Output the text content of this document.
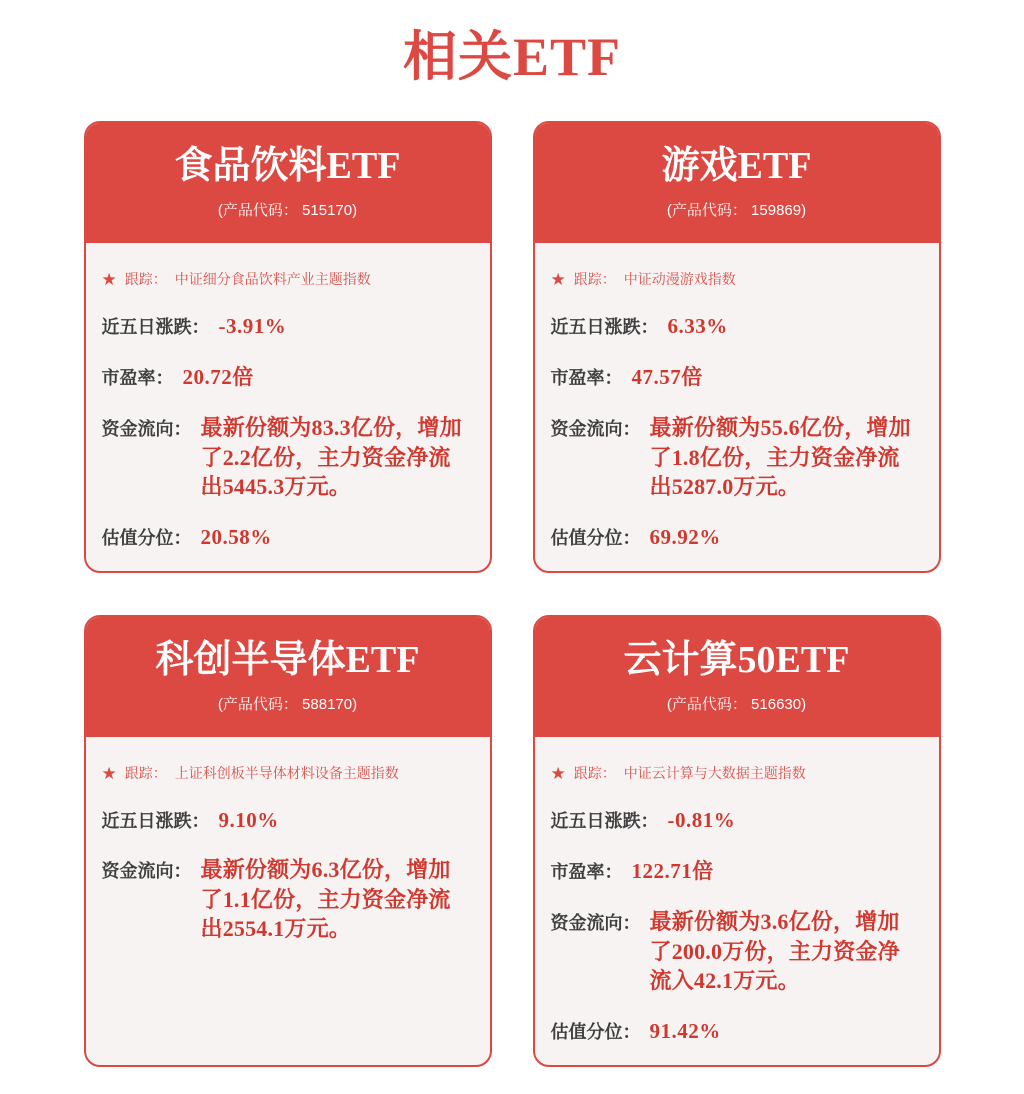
相关ETF
食品饮料ETF
(产品代码： 515170)
★ 跟踪： 中证细分食品饮料产业主题指数
近五日涨跌： -3.91%
市盈率： 20.72倍
资金流向： 最新份额为83.3亿份，增加了2.2亿份，主力资金净流出5445.3万元。
估值分位： 20.58%
游戏ETF
(产品代码： 159869)
★ 跟踪： 中证动漫游戏指数
近五日涨跌： 6.33%
市盈率： 47.57倍
资金流向： 最新份额为55.6亿份，增加了1.8亿份，主力资金净流出5287.0万元。
估值分位： 69.92%
科创半导体ETF
(产品代码： 588170)
★ 跟踪： 上证科创板半导体材料设备主题指数
近五日涨跌： 9.10%
资金流向： 最新份额为6.3亿份，增加了1.1亿份，主力资金净流出2554.1万元。
云计算50ETF
(产品代码： 516630)
★ 跟踪： 中证云计算与大数据主题指数
近五日涨跌： -0.81%
市盈率： 122.71倍
资金流向： 最新份额为3.6亿份，增加了200.0万份，主力资金净流入42.1万元。
估值分位： 91.42%
